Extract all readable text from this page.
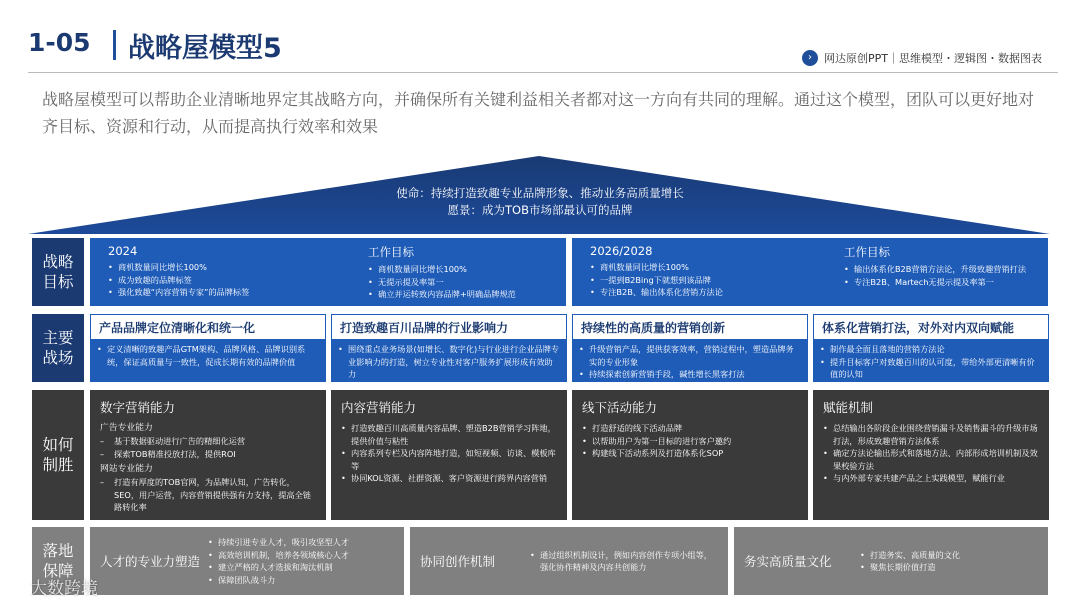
1-05 战略屋模型5	›	网达原创PPT｜思维模型・逻辑图・数据图表
战略屋模型可以帮助企业清晰地界定其战略方向，并确保所有关键利益相关者都对这一方向有共同的理解。通过这个模型，团队可以更好地对齐目标、资源和行动，从而提高执行效率和效果
使命：持续打造致趣专业品牌形象、推动业务高质量增长
愿景：成为TOB市场部最认可的品牌
战略
目标
主要
战场
如何
制胜
落地
保障
2024
• 商机数量同比增长100%
• 成为致趣的品牌标签
• 强化致趣“内容营销专家”的品牌标签
工作目标
• 商机数量同比增长100%
• 无提示提及率第一
• 确立并运转致内容品牌+明确品牌规范
2026/2028
• 商机数量同比增长100%
• 一提到B2Bing下就想到该品牌
• 专注B2B、输出体系化营销方法论
工作目标
• 输出体系化B2B营销方法论，升级致趣营销打法
• 专注B2B、Martech无提示提及率第一
产品品牌定位清晰化和统一化
• 定义清晰的致趣产品GTM架构、品牌风格、品牌识别系统，保证高质量与一致性，促成长期有效的品牌价值
打造致趣百川品牌的行业影响力
• 围绕重点业务场景(如增长、数字化)与行业进行企业品牌专业影响力的打造，树立专业性对客户服务扩展形成有效助力
持续性的高质量的营销创新
• 升级营销产品，提供获客效率，营销过程中，塑造品牌务实的专业形象
• 持续探索创新营销手段，碱性增长黑客打法
体系化营销打法，对外对内双向赋能
• 制作最全面且落地的营销方法论
• 提升目标客户对致趣百川的认可度，带给外部更清晰有价值的认知
数字营销能力
广告专业能力
– 基于数据驱动进行广告的精细化运营
– 探索TOB精准投放打法，提供ROI
网站专业能力
– 打造有厚度的TOB官网，为品牌认知，广告转化，SEO，用户运营，内容营销提供强有力支持，提高全链路转化率
内容营销能力
• 打造致趣百川高质量内容品牌、塑造B2B营销学习阵地，提供价值与粘性
• 内容系列专栏及内容阵地打造，如短视频、访谈、模板库等
• 协同KOL资源、社群资源、客户资源进行跨界内容营销
线下活动能力
• 打造舒适的线下活动品牌
• 以帮助用户为第一目标的进行客户邀约
• 构建线下活动系列及打造体系化SOP
赋能机制
• 总结输出各阶段企业围绕营销漏斗及销售漏斗的升级市场打法，形成致趣营销方法体系
• 确定方法论输出形式和落地方法、内部形成培训机制及效果校验方法
• 与内外部专家共建产品之上实践模型，赋能行业
人才的专业力塑造
• 持续引进专业人才，吸引攻坚型人才
• 高效培训机制，培养各领域核心人才
• 建立严格的人才选拔和淘汰机制
• 保障团队战斗力
协同创作机制	• 通过组织机制设计，例如内容创作专项小组等，强化协作精神及内容共创能力	务实高质量文化	• 打造务实、高质量的文化
• 聚焦长期价值打造
大数跨境
